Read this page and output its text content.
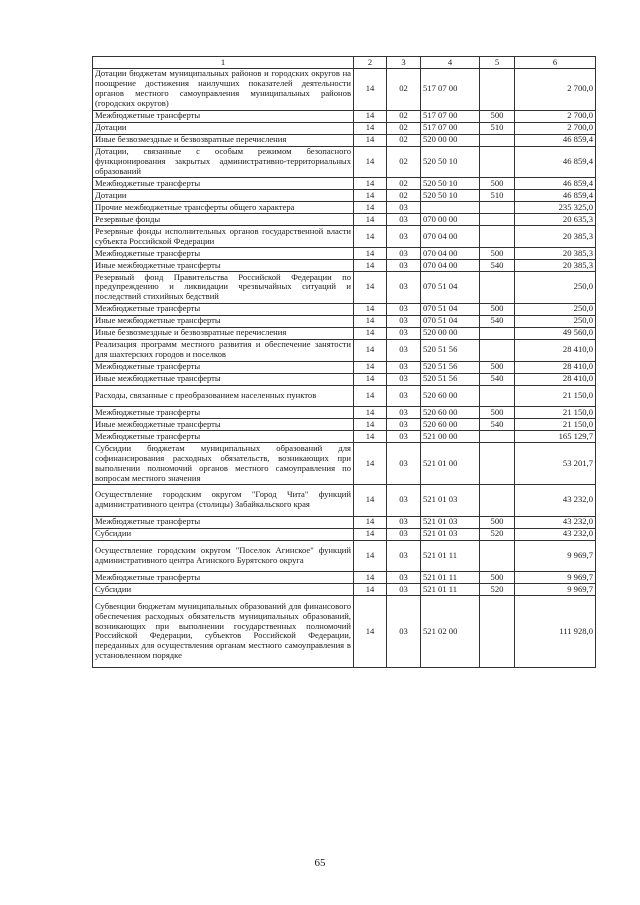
1	2	3	4	5	6
Дотации бюджетам муниципальных районов и городских округов на поощрение достижения наилучших показателей деятельности органов местного самоуправления муниципальных районов (городских округов)	14	02	517 07 00		2 700,0
Межбюджетные трансферты	14	02	517 07 00	500	2 700,0
Дотации	14	02	517 07 00	510	2 700,0
Иные безвозмездные и безвозвратные перечисления	14	02	520 00 00		46 859,4
Дотации, связанные с особым режимом безопасного функционирования закрытых административно-территориальных образований	14	02	520 50 10		46 859,4
Межбюджетные трансферты	14	02	520 50 10	500	46 859,4
Дотации	14	02	520 50 10	510	46 859,4
Прочие межбюджетные трансферты общего характера	14	03			235 325,0
Резервные фонды	14	03	070 00 00		20 635,3
Резервные фонды исполнительных органов государственной власти субъекта Российской Федерации	14	03	070 04 00		20 385,3
Межбюджетные трансферты	14	03	070 04 00	500	20 385,3
Иные межбюджетные трансферты	14	03	070 04 00	540	20 385,3
Резервный фонд Правительства Российской Федерации по предупреждению и ликвидации чрезвычайных ситуаций и последствий стихийных бедствий	14	03	070 51 04		250,0
Межбюджетные трансферты	14	03	070 51 04	500	250,0
Иные межбюджетные трансферты	14	03	070 51 04	540	250,0
Иные безвозмездные и безвозвратные перечисления	14	03	520 00 00		49 560,0
Реализация программ местного развития и обеспечение занятости для шахтерских городов и поселков	14	03	520 51 56		28 410,0
Межбюджетные трансферты	14	03	520 51 56	500	28 410,0
Иные межбюджетные трансферты	14	03	520 51 56	540	28 410,0
Расходы, связанные с преобразованием населенных пунктов	14	03	520 60 00		21 150,0
Межбюджетные трансферты	14	03	520 60 00	500	21 150,0
Иные межбюджетные трансферты	14	03	520 60 00	540	21 150,0
Межбюджетные трансферты	14	03	521 00 00		165 129,7
Субсидии бюджетам муниципальных образований для софинансирования расходных обязательств, возникающих при выполнении полномочий органов местного самоуправления по вопросам местного значения	14	03	521 01 00		53 201,7
Осуществление городским округом "Город Чита" функций административного центра (столицы) Забайкальского края	14	03	521 01 03		43 232,0
Межбюджетные трансферты	14	03	521 01 03	500	43 232,0
Субсидии	14	03	521 01 03	520	43 232,0
Осуществление городским округом "Поселок Агинское" функций административного центра Агинского Бурятского округа	14	03	521 01 11		9 969,7
Межбюджетные трансферты	14	03	521 01 11	500	9 969,7
Субсидии	14	03	521 01 11	520	9 969,7
Субвенции бюджетам муниципальных образований для финансового обеспечения расходных обязательств муниципальных образований, возникающих при выполнении государственных полномочий Российской Федерации, субъектов Российской Федерации, переданных для осуществления органам местного самоуправления в установленном порядке	14	03	521 02 00		111 928,0
65
